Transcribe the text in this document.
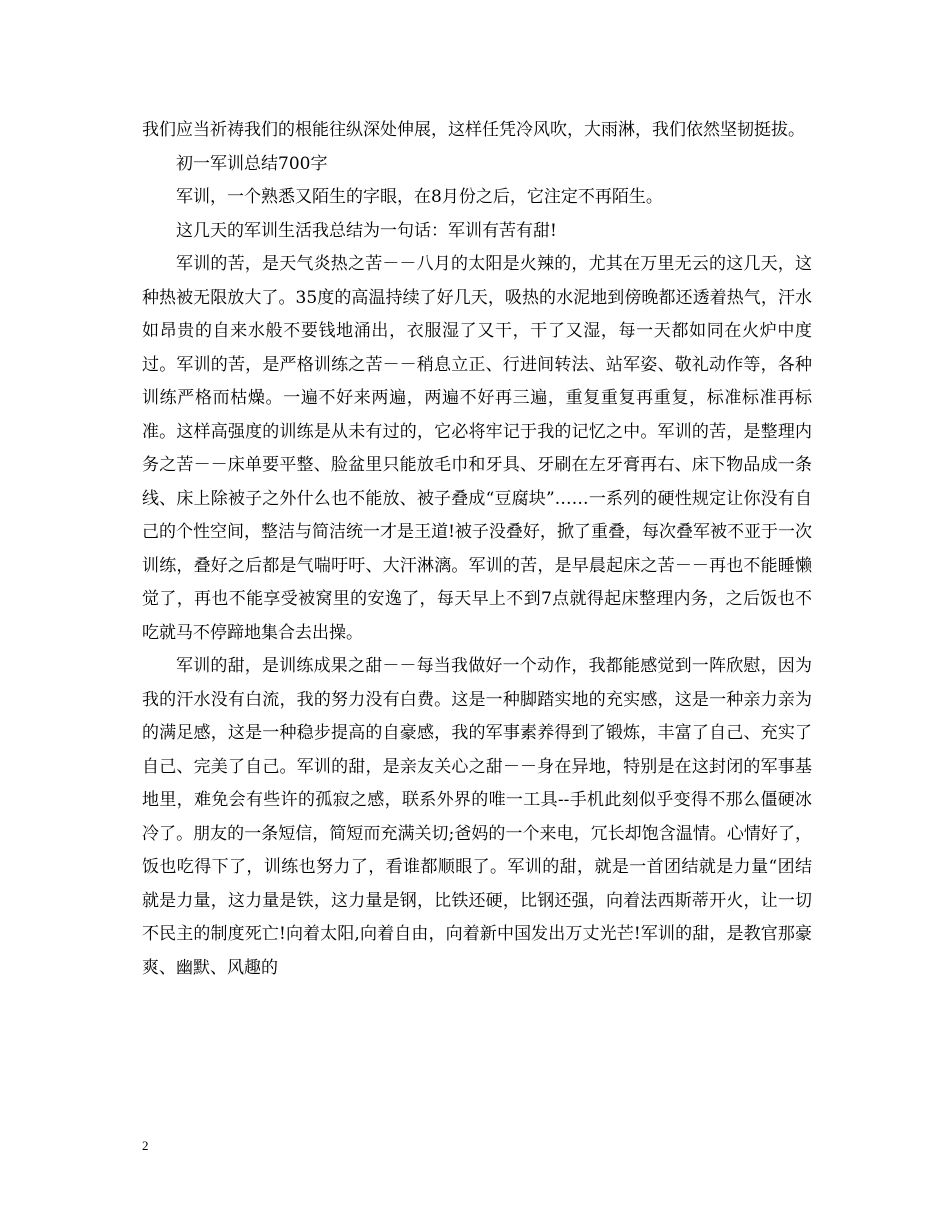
我们应当祈祷我们的根能往纵深处伸展，这样任凭冷风吹，大雨淋，我们依然坚韧挺拔。

初一军训总结700字

军训，一个熟悉又陌生的字眼，在8月份之后，它注定不再陌生。

这几天的军训生活我总结为一句话：军训有苦有甜!

军训的苦，是天气炎热之苦－－八月的太阳是火辣的，尤其在万里无云的这几天，这种热被无限放大了。35度的高温持续了好几天，吸热的水泥地到傍晚都还透着热气，汗水如昂贵的自来水般不要钱地涌出，衣服湿了又干，干了又湿，每一天都如同在火炉中度过。军训的苦，是严格训练之苦－－稍息立正、行进间转法、站军姿、敬礼动作等，各种训练严格而枯燥。一遍不好来两遍，两遍不好再三遍，重复重复再重复，标准标准再标准。这样高强度的训练是从未有过的，它必将牢记于我的记忆之中。军训的苦，是整理内务之苦－－床单要平整、脸盆里只能放毛巾和牙具、牙刷在左牙膏再右、床下物品成一条线、床上除被子之外什么也不能放、被子叠成“豆腐块”……一系列的硬性规定让你没有自己的个性空间，整洁与简洁统一才是王道!被子没叠好，掀了重叠，每次叠军被不亚于一次训练，叠好之后都是气喘吁吁、大汗淋漓。军训的苦，是早晨起床之苦－－再也不能睡懒觉了，再也不能享受被窝里的安逸了，每天早上不到7点就得起床整理内务，之后饭也不吃就马不停蹄地集合去出操。

军训的甜，是训练成果之甜－－每当我做好一个动作，我都能感觉到一阵欣慰，因为我的汗水没有白流，我的努力没有白费。这是一种脚踏实地的充实感，这是一种亲力亲为的满足感，这是一种稳步提高的自豪感，我的军事素养得到了锻炼，丰富了自己、充实了自己、完美了自己。军训的甜，是亲友关心之甜－－身在异地，特别是在这封闭的军事基地里，难免会有些许的孤寂之感，联系外界的唯一工具--手机此刻似乎变得不那么僵硬冰冷了。朋友的一条短信，简短而充满关切;爸妈的一个来电，冗长却饱含温情。心情好了，饭也吃得下了，训练也努力了，看谁都顺眼了。军训的甜，就是一首团结就是力量“团结就是力量，这力量是铁，这力量是钢，比铁还硬，比钢还强，向着法西斯蒂开火，让一切不民主的制度死亡!向着太阳,向着自由，向着新中国发出万丈光芒!军训的甜，是教官那豪爽、幽默、风趣的

2
